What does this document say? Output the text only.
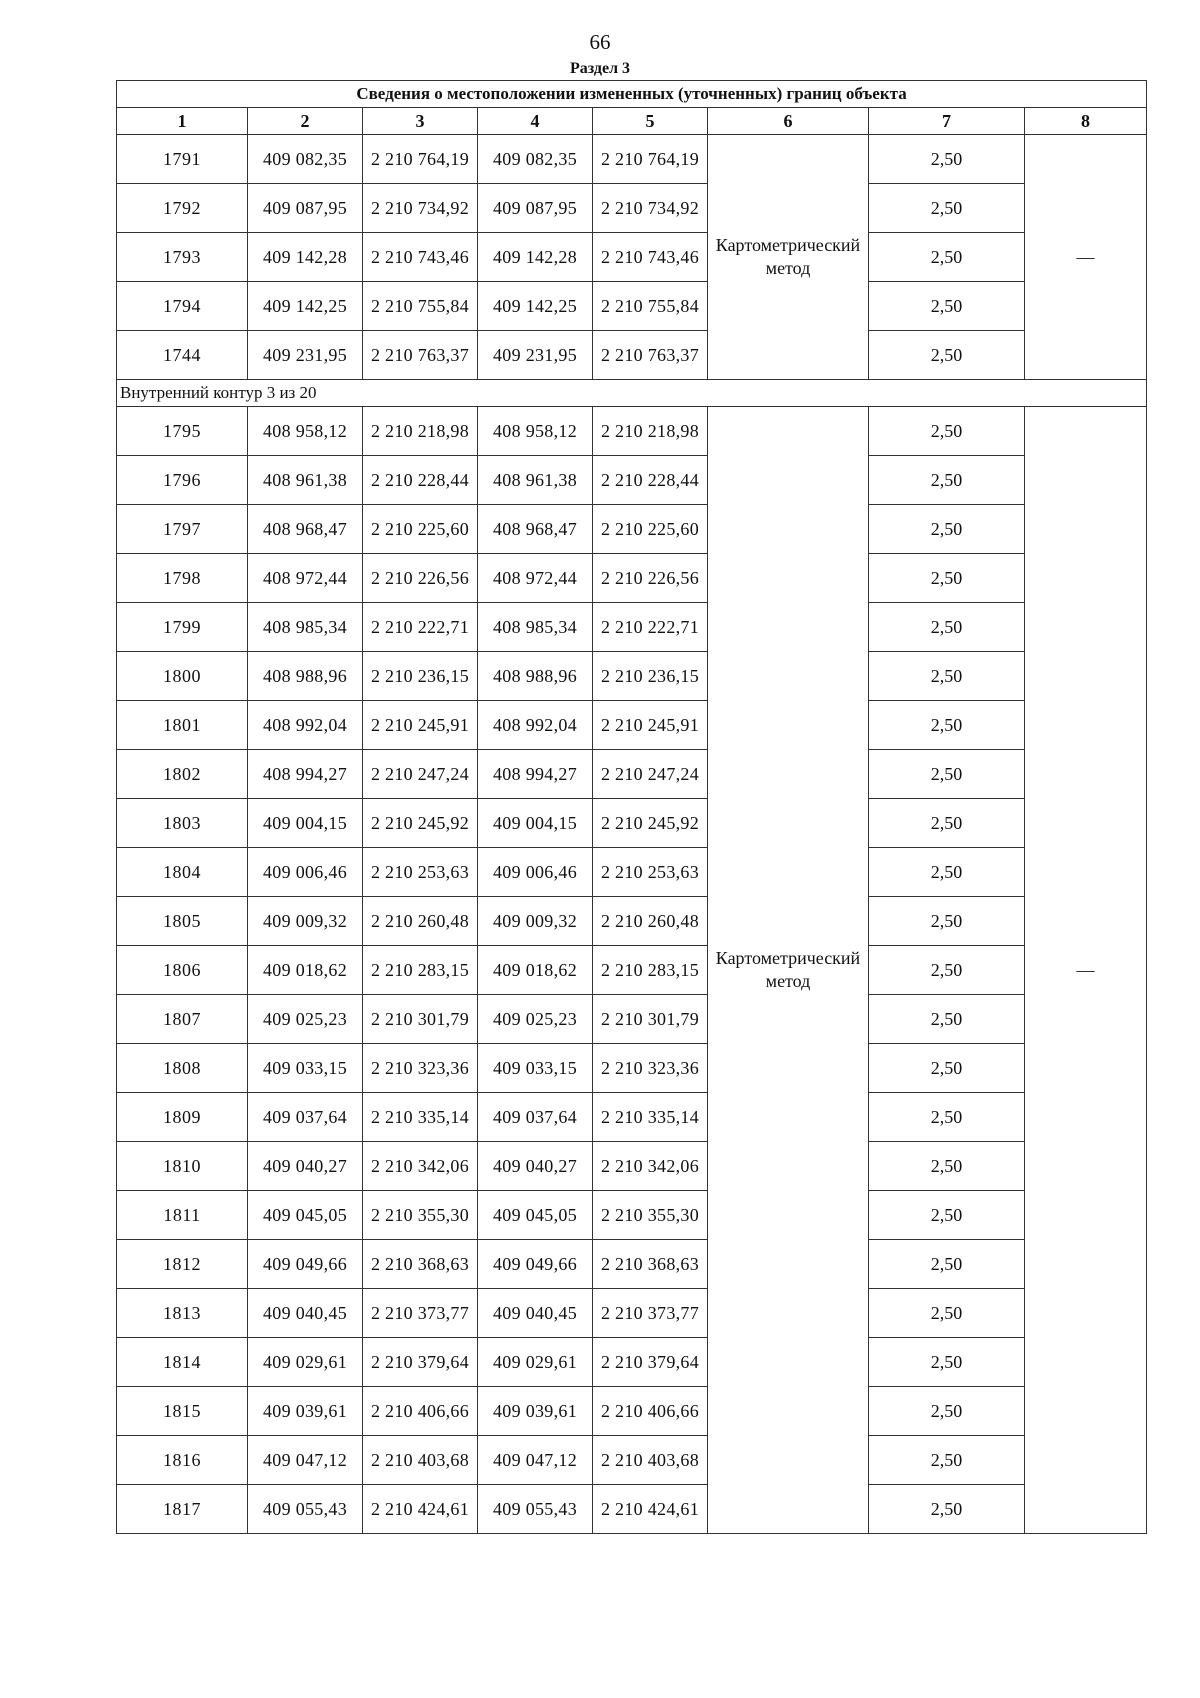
66
Раздел 3
Сведения о местоположении измененных (уточненных) границ объекта							
1	2	3	4	5	6	7	8
1791	409 082,35	2 210 764,19	409 082,35	2 210 764,19	Картометрический метод	2,50	—
1792	409 087,95	2 210 734,92	409 087,95	2 210 734,92		2,50	
1793	409 142,28	2 210 743,46	409 142,28	2 210 743,46		2,50	
1794	409 142,25	2 210 755,84	409 142,25	2 210 755,84		2,50	
1744	409 231,95	2 210 763,37	409 231,95	2 210 763,37		2,50	
Внутренний контур 3 из 20							
1795	408 958,12	2 210 218,98	408 958,12	2 210 218,98	Картометрический метод	2,50	—
1796	408 961,38	2 210 228,44	408 961,38	2 210 228,44		2,50	
1797	408 968,47	2 210 225,60	408 968,47	2 210 225,60		2,50	
1798	408 972,44	2 210 226,56	408 972,44	2 210 226,56		2,50	
1799	408 985,34	2 210 222,71	408 985,34	2 210 222,71		2,50	
1800	408 988,96	2 210 236,15	408 988,96	2 210 236,15		2,50	
1801	408 992,04	2 210 245,91	408 992,04	2 210 245,91		2,50	
1802	408 994,27	2 210 247,24	408 994,27	2 210 247,24		2,50	
1803	409 004,15	2 210 245,92	409 004,15	2 210 245,92		2,50	
1804	409 006,46	2 210 253,63	409 006,46	2 210 253,63		2,50	
1805	409 009,32	2 210 260,48	409 009,32	2 210 260,48		2,50	
1806	409 018,62	2 210 283,15	409 018,62	2 210 283,15		2,50	
1807	409 025,23	2 210 301,79	409 025,23	2 210 301,79		2,50	
1808	409 033,15	2 210 323,36	409 033,15	2 210 323,36		2,50	
1809	409 037,64	2 210 335,14	409 037,64	2 210 335,14		2,50	
1810	409 040,27	2 210 342,06	409 040,27	2 210 342,06		2,50	
1811	409 045,05	2 210 355,30	409 045,05	2 210 355,30		2,50	
1812	409 049,66	2 210 368,63	409 049,66	2 210 368,63		2,50	
1813	409 040,45	2 210 373,77	409 040,45	2 210 373,77		2,50	
1814	409 029,61	2 210 379,64	409 029,61	2 210 379,64		2,50	
1815	409 039,61	2 210 406,66	409 039,61	2 210 406,66		2,50	
1816	409 047,12	2 210 403,68	409 047,12	2 210 403,68		2,50	
1817	409 055,43	2 210 424,61	409 055,43	2 210 424,61		2,50	
